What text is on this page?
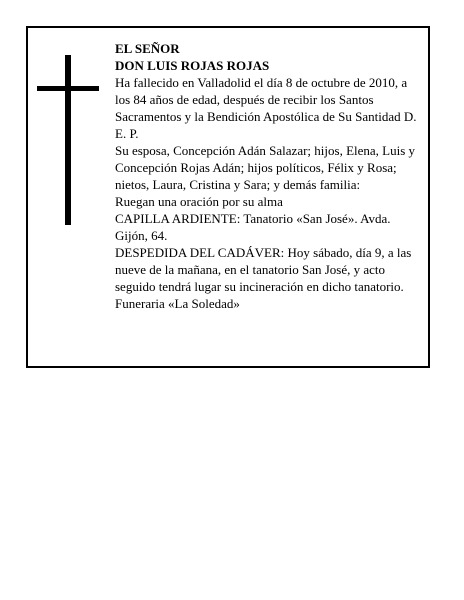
EL SEÑOR

DON LUIS ROJAS ROJAS

Ha fallecido en Valladolid el día 8 de octubre de 2010, a los 84 años de edad, después de recibir los Santos Sacramentos y la Bendición Apostólica de Su Santidad D. E. P.

Su esposa, Concepción Adán Salazar; hijos, Elena, Luis y Concepción Rojas Adán; hijos políticos, Félix y Rosa; nietos, Laura, Cristina y Sara; y demás familia:

Ruegan una oración por su alma

CAPILLA ARDIENTE: Tanatorio «San José». Avda. Gijón, 64.

DESPEDIDA DEL CADÁVER: Hoy sábado, día 9, a las nueve de la mañana, en el tanatorio San José, y acto seguido tendrá lugar su incineración en dicho tanatorio.

Funeraria «La Soledad»
